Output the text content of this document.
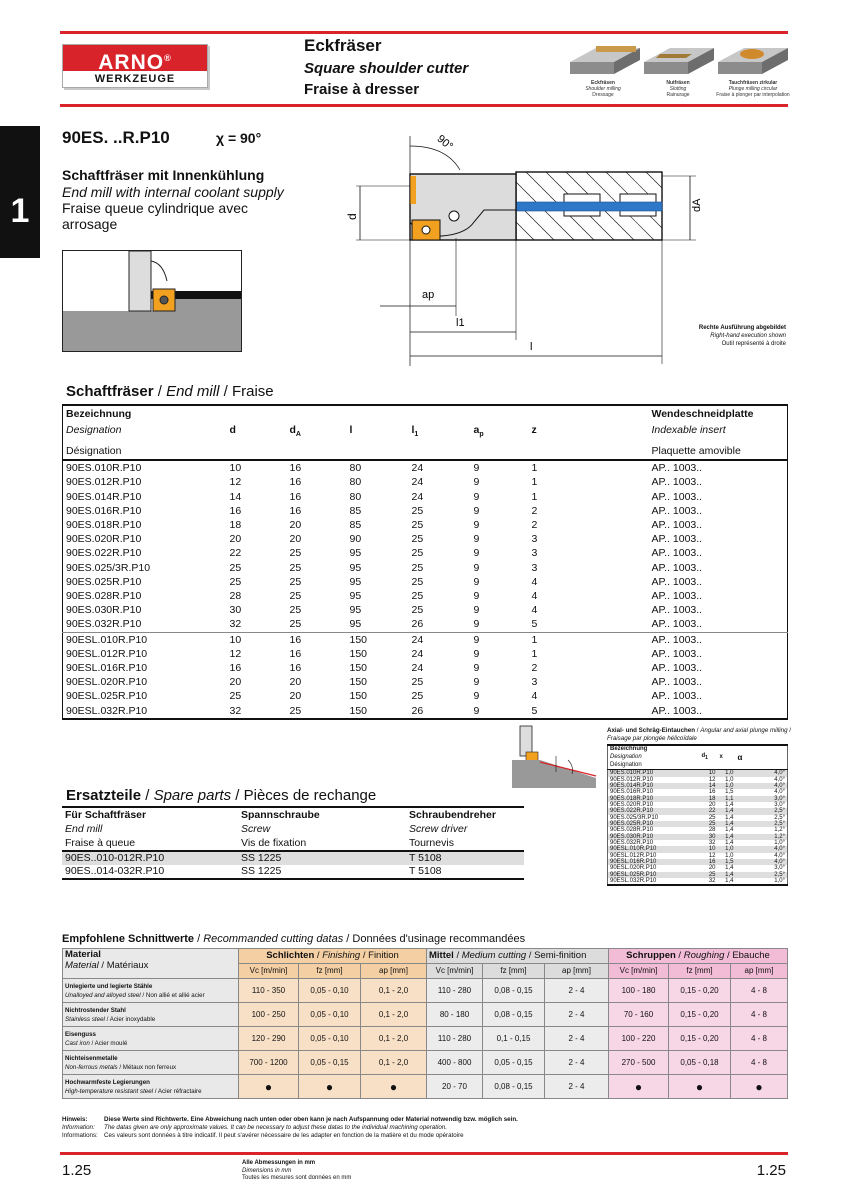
ARNO®
WERKZEUGE
Eckfräser
Square shoulder cutter
Fraise à dresser	Eckfräsen
Shoulder milling
Dressage
Nutfräsen
Slotting
Rainurage
Tauchfräsen zirkular
Plunge milling circular
Fraise à plonger par interpolation
1
90ES. ..R.P10	χ = 90°
Schaftfräser mit Innenkühlung
End mill with internal coolant supply
Fraise queue cylindrique avec arrosage	d
dA
90°
ap
l1
l
Rechte Ausführung abgebildet
Right-hand execution shown
Outil représenté à droite
Schaftfräser / End mill / Fraise
Bezeichnung							Wendeschneidplatte
Designation	d	$d_A$	l	$l_1$	$a_p$	z	Indexable insert
Désignation							Plaquette amovible
90ES.010R.P10	10	16	80	24	9	1	AP.. 1003..
90ES.012R.P10	12	16	80	24	9	1	AP.. 1003..
90ES.014R.P10	14	16	80	24	9	1	AP.. 1003..
90ES.016R.P10	16	16	85	25	9	2	AP.. 1003..
90ES.018R.P10	18	20	85	25	9	2	AP.. 1003..
90ES.020R.P10	20	20	90	25	9	3	AP.. 1003..
90ES.022R.P10	22	25	95	25	9	3	AP.. 1003..
90ES.025/3R.P10	25	25	95	25	9	3	AP.. 1003..
90ES.025R.P10	25	25	95	25	9	4	AP.. 1003..
90ES.028R.P10	28	25	95	25	9	4	AP.. 1003..
90ES.030R.P10	30	25	95	25	9	4	AP.. 1003..
90ES.032R.P10	32	25	95	26	9	5	AP.. 1003..
90ESL.010R.P10	10	16	150	24	9	1	AP.. 1003..
90ESL.012R.P10	12	16	150	24	9	1	AP.. 1003..
90ESL.016R.P10	16	16	150	24	9	2	AP.. 1003..
90ESL.020R.P10	20	20	150	25	9	3	AP.. 1003..
90ESL.025R.P10	25	20	150	25	9	4	AP.. 1003..
90ESL.032R.P10	32	25	150	26	9	5	AP.. 1003..
Axial- und Schräg-Eintauchen / Angular and axial plunge milling / Fraisage par plongée hélicoïdale
Bezeichnung			
Designation	$d_1$	x	α
Désignation			
90ES.010R.P10	10	1,0	4,0°
90ES.012R.P10	12	1,0	4,0°
90ES.014R.P10	14	1,0	4,0°
90ES.016R.P10	16	1,5	4,0°
90ES.018R.P10	18	1,1	3,0°
90ES.020R.P10	20	1,4	3,0°
90ES.022R.P10	22	1,4	2,5°
90ES.025/3R.P10	25	1,4	2,5°
90ES.025R.P10	25	1,4	2,5°
90ES.028R.P10	28	1,4	1,2°
90ES.030R.P10	30	1,4	1,2°
90ES.032R.P10	32	1,4	1,0°
90ESL.010R.P10	10	1,0	4,0°
90ESL.012R.P10	12	1,0	4,0°
90ESL.016R.P10	16	1,5	4,0°
90ESL.020R.P10	20	1,4	3,0°
90ESL.025R.P10	25	1,4	2,5°
90ESL.032R.P10	32	1,4	1,0°
Ersatzteile / Spare parts / Pièces de rechange
Für Schaftfräser	Spannschraube	Schraubendreher
End mill	Screw	Screw driver
Fraise à queue	Vis de fixation	Tournevis
90ES..010-012R.P10	SS 1225	T 5108
90ES..014-032R.P10	SS 1225	T 5108
Empfohlene Schnittwerte / Recommanded cutting datas / Données d'usinage recommandées
Material
Material / Matériaux	Schlichten / Finishing / Finition			Mittel / Medium cutting / Semi-finition			Schruppen / Roughing / Ebauche		
	Vc [m/min]	fz [mm]	ap [mm]	Vc [m/min]	fz [mm]	ap [mm]	Vc [m/min]	fz [mm]	ap [mm]
Unlegierte und legierte Stähle
Unalloyed and alloyed steel / Non allié et allié acier	110 - 350	0,05 - 0,10	0,1 - 2,0	110 - 280	0,08 - 0,15	2 - 4	100 - 180	0,15 - 0,20	4 - 8
Nichtrostender Stahl
Stainless steel / Acier inoxydable	100 - 250	0,05 - 0,10	0,1 - 2,0	80 - 180	0,08 - 0,15	2 - 4	70 - 160	0,15 - 0,20	4 - 8
Eisenguss
Cast iron / Acier moulé	120 - 290	0,05 - 0,10	0,1 - 2,0	110 - 280	0,1 - 0,15	2 - 4	100 - 220	0,15 - 0,20	4 - 8
Nichteisenmetalle
Non-ferrous metals / Métaux non ferreux	700 - 1200	0,05 - 0,15	0,1 - 2,0	400 - 800	0,05 - 0,15	2 - 4	270 - 500	0,05 - 0,18	4 - 8
Hochwarmfeste Legierungen
High-temperature resistant steel / Acier réfractaire	●	●	●	20 - 70	0,08 - 0,15	2 - 4	●	●	●
Hinweis:	Diese Werte sind Richtwerte. Eine Abweichung nach unten oder oben kann je nach Aufspannung oder Material notwendig bzw. möglich sein.
Information: The datas given are only approximate values. It can be necessary to adjust these datas to the individual machining operation.
Informations: Ces valeurs sont données à titre indicatif. Il peut s'avérer nécessaire de les adapter en fonction de la matière et du mode opératoire
1.25	1.25
Alle Abmessungen in mm
Dimensions in mm
Toutes les mesures sont données en mm
